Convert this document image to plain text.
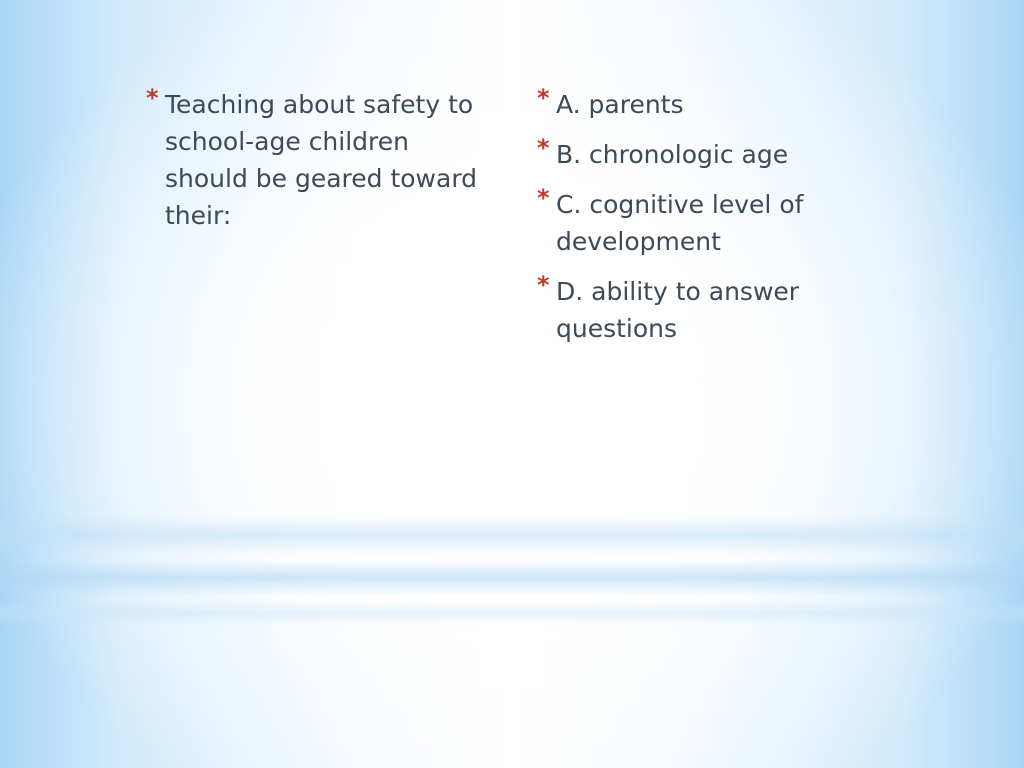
* Teaching about safety to school-age children should be geared toward their:
* A. parents
* B. chronologic age
* C. cognitive level of development
* D. ability to answer questions
